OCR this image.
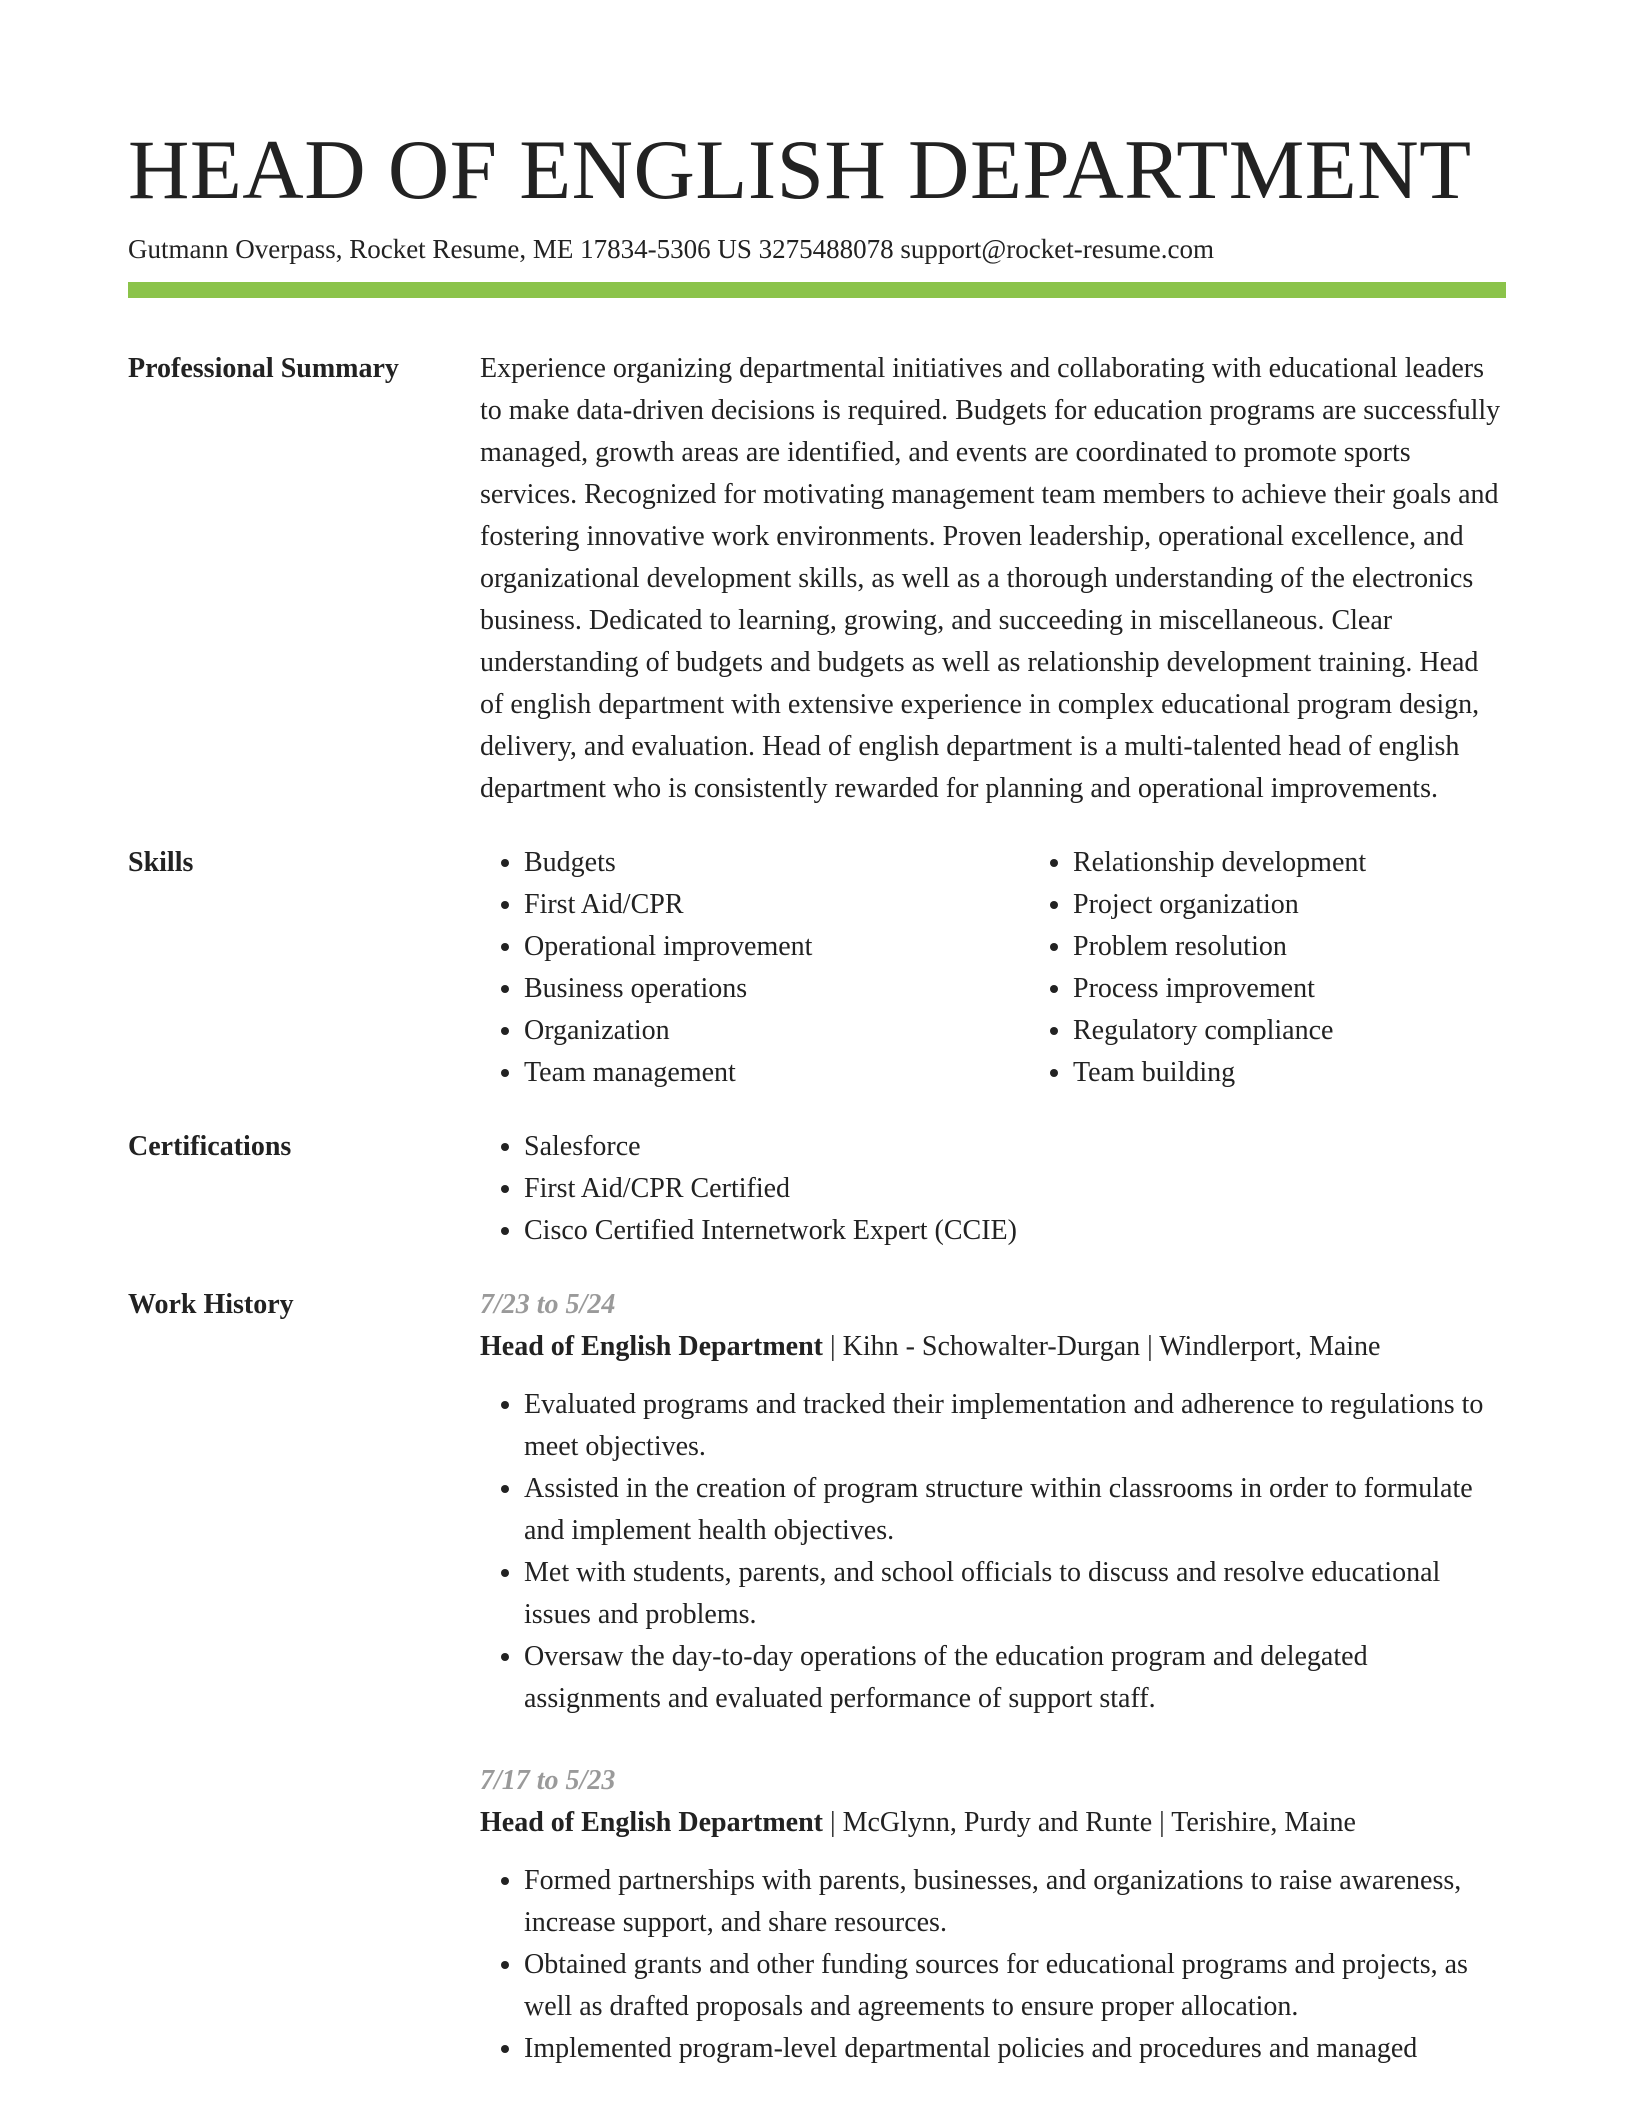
HEAD OF ENGLISH DEPARTMENT
Gutmann Overpass, Rocket Resume, ME 17834-5306 US 3275488078 support@rocket-resume.com
Professional Summary	Experience organizing departmental initiatives and collaborating with educational leaders to make data-driven decisions is required. Budgets for education programs are successfully managed, growth areas are identified, and events are coordinated to promote sports services. Recognized for motivating management team members to achieve their goals and fostering innovative work environments. Proven leadership, operational excellence, and organizational development skills, as well as a thorough understanding of the electronics business. Dedicated to learning, growing, and succeeding in miscellaneous. Clear understanding of budgets and budgets as well as relationship development training. Head of english department with extensive experience in complex educational program design, delivery, and evaluation. Head of english department is a multi-talented head of english department who is consistently rewarded for planning and operational improvements.

Skills	• Budgets
• First Aid/CPR
• Operational improvement
• Business operations
• Organization
• Team management
• Relationship development
• Project organization
• Problem resolution
• Process improvement
• Regulatory compliance
• Team building
Certifications	• Salesforce
• First Aid/CPR Certified
• Cisco Certified Internetwork Expert (CCIE)
Work History	7/23 to 5/24
Head of English Department | Kihn - Schowalter-Durgan | Windlerport, Maine
• Evaluated programs and tracked their implementation and adherence to regulations to meet objectives.
• Assisted in the creation of program structure within classrooms in order to formulate and implement health objectives.
• Met with students, parents, and school officials to discuss and resolve educational issues and problems.
• Oversaw the day-to-day operations of the education program and delegated assignments and evaluated performance of support staff.
7/17 to 5/23
Head of English Department | McGlynn, Purdy and Runte | Terishire, Maine
• Formed partnerships with parents, businesses, and organizations to raise awareness, increase support, and share resources.
• Obtained grants and other funding sources for educational programs and projects, as well as drafted proposals and agreements to ensure proper allocation.
• Implemented program-level departmental policies and procedures and managed
